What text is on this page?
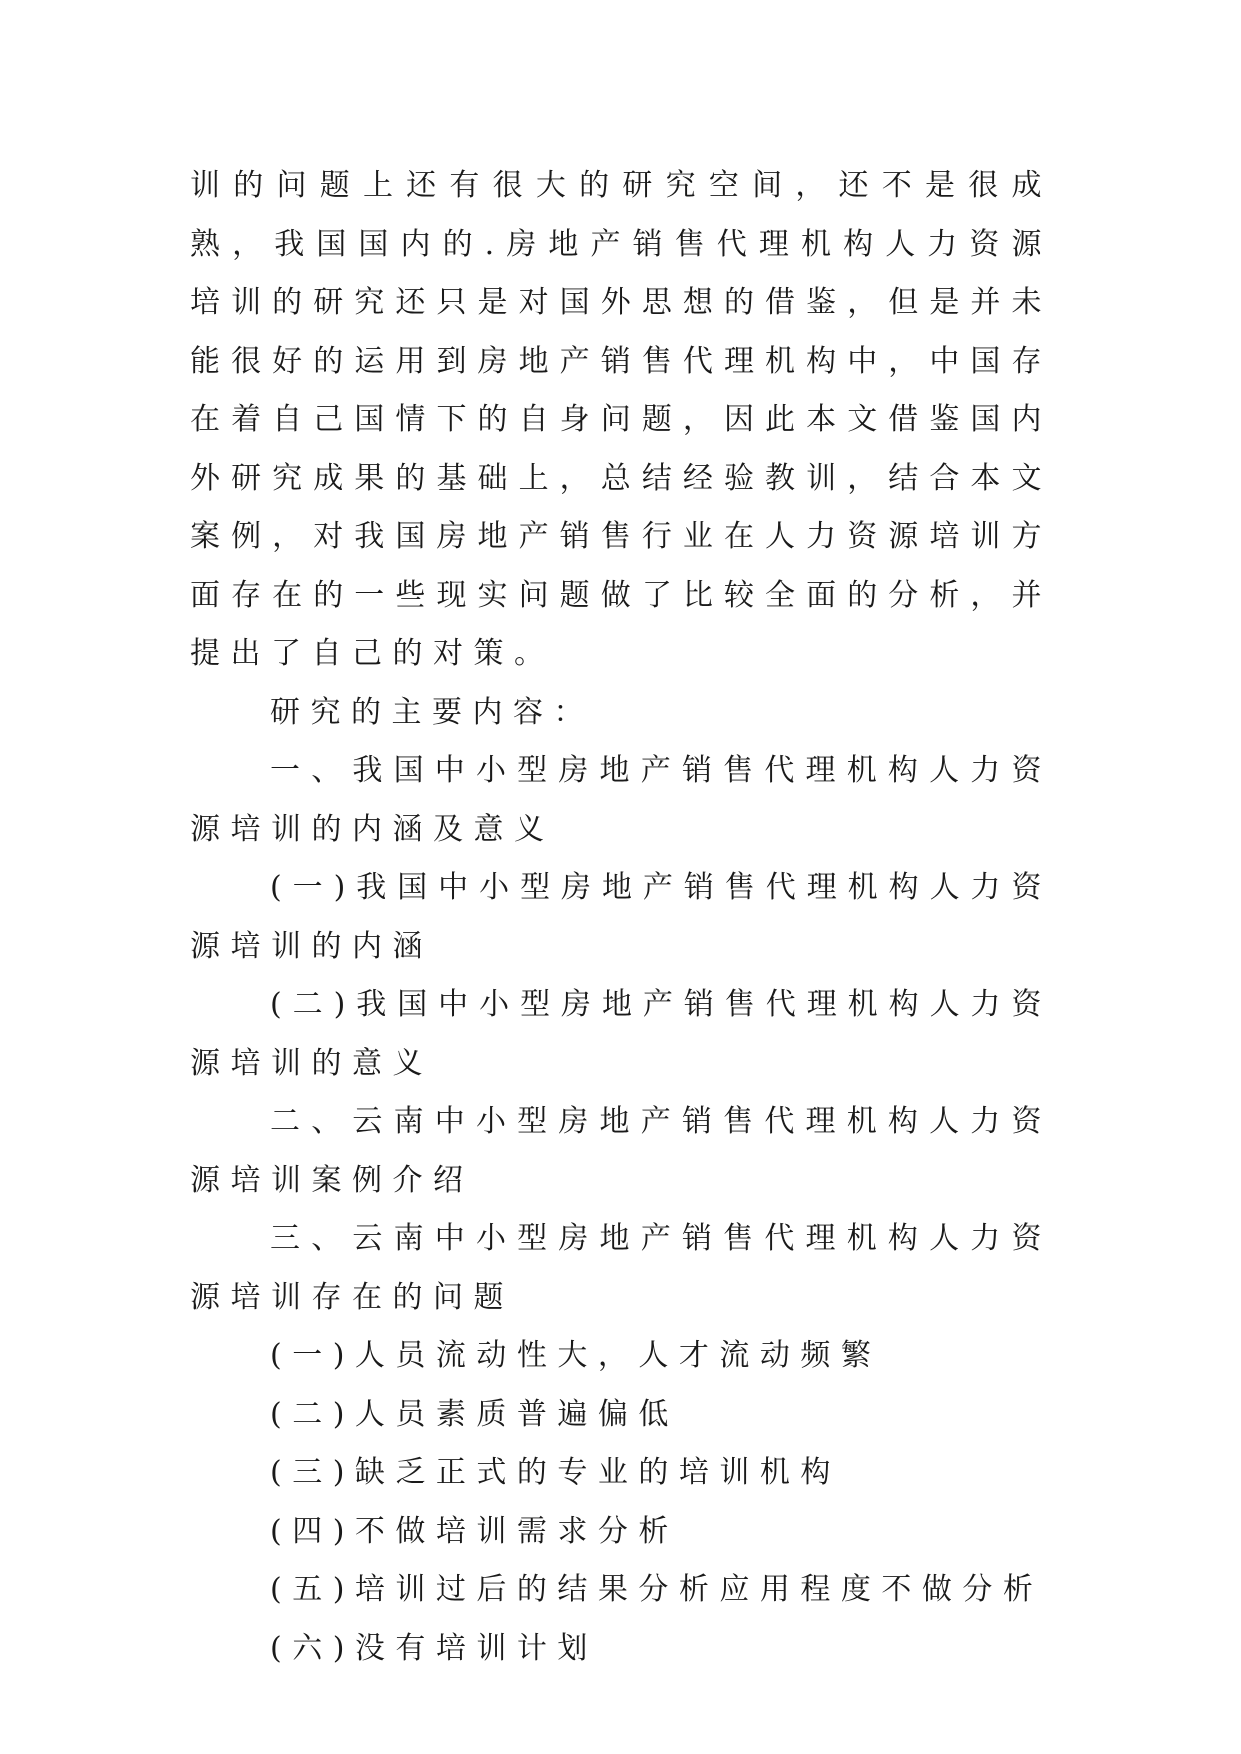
训的问题上还有很大的研究空间，还不是很成熟，我国国内的.房地产销售代理机构人力资源培训的研究还只是对国外思想的借鉴，但是并未能很好的运用到房地产销售代理机构中，中国存在着自己国情下的自身问题，因此本文借鉴国内外研究成果的基础上，总结经验教训，结合本文案例，对我国房地产销售行业在人力资源培训方面存在的一些现实问题做了比较全面的分析，并提出了自己的对策。

研究的主要内容：

一、我国中小型房地产销售代理机构人力资源培训的内涵及意义

(一)我国中小型房地产销售代理机构人力资源培训的内涵

(二)我国中小型房地产销售代理机构人力资源培训的意义

二、云南中小型房地产销售代理机构人力资源培训案例介绍

三、云南中小型房地产销售代理机构人力资源培训存在的问题

(一)人员流动性大，人才流动频繁

(二)人员素质普遍偏低

(三)缺乏正式的专业的培训机构

(四)不做培训需求分析

(五)培训过后的结果分析应用程度不做分析

(六)没有培训计划
